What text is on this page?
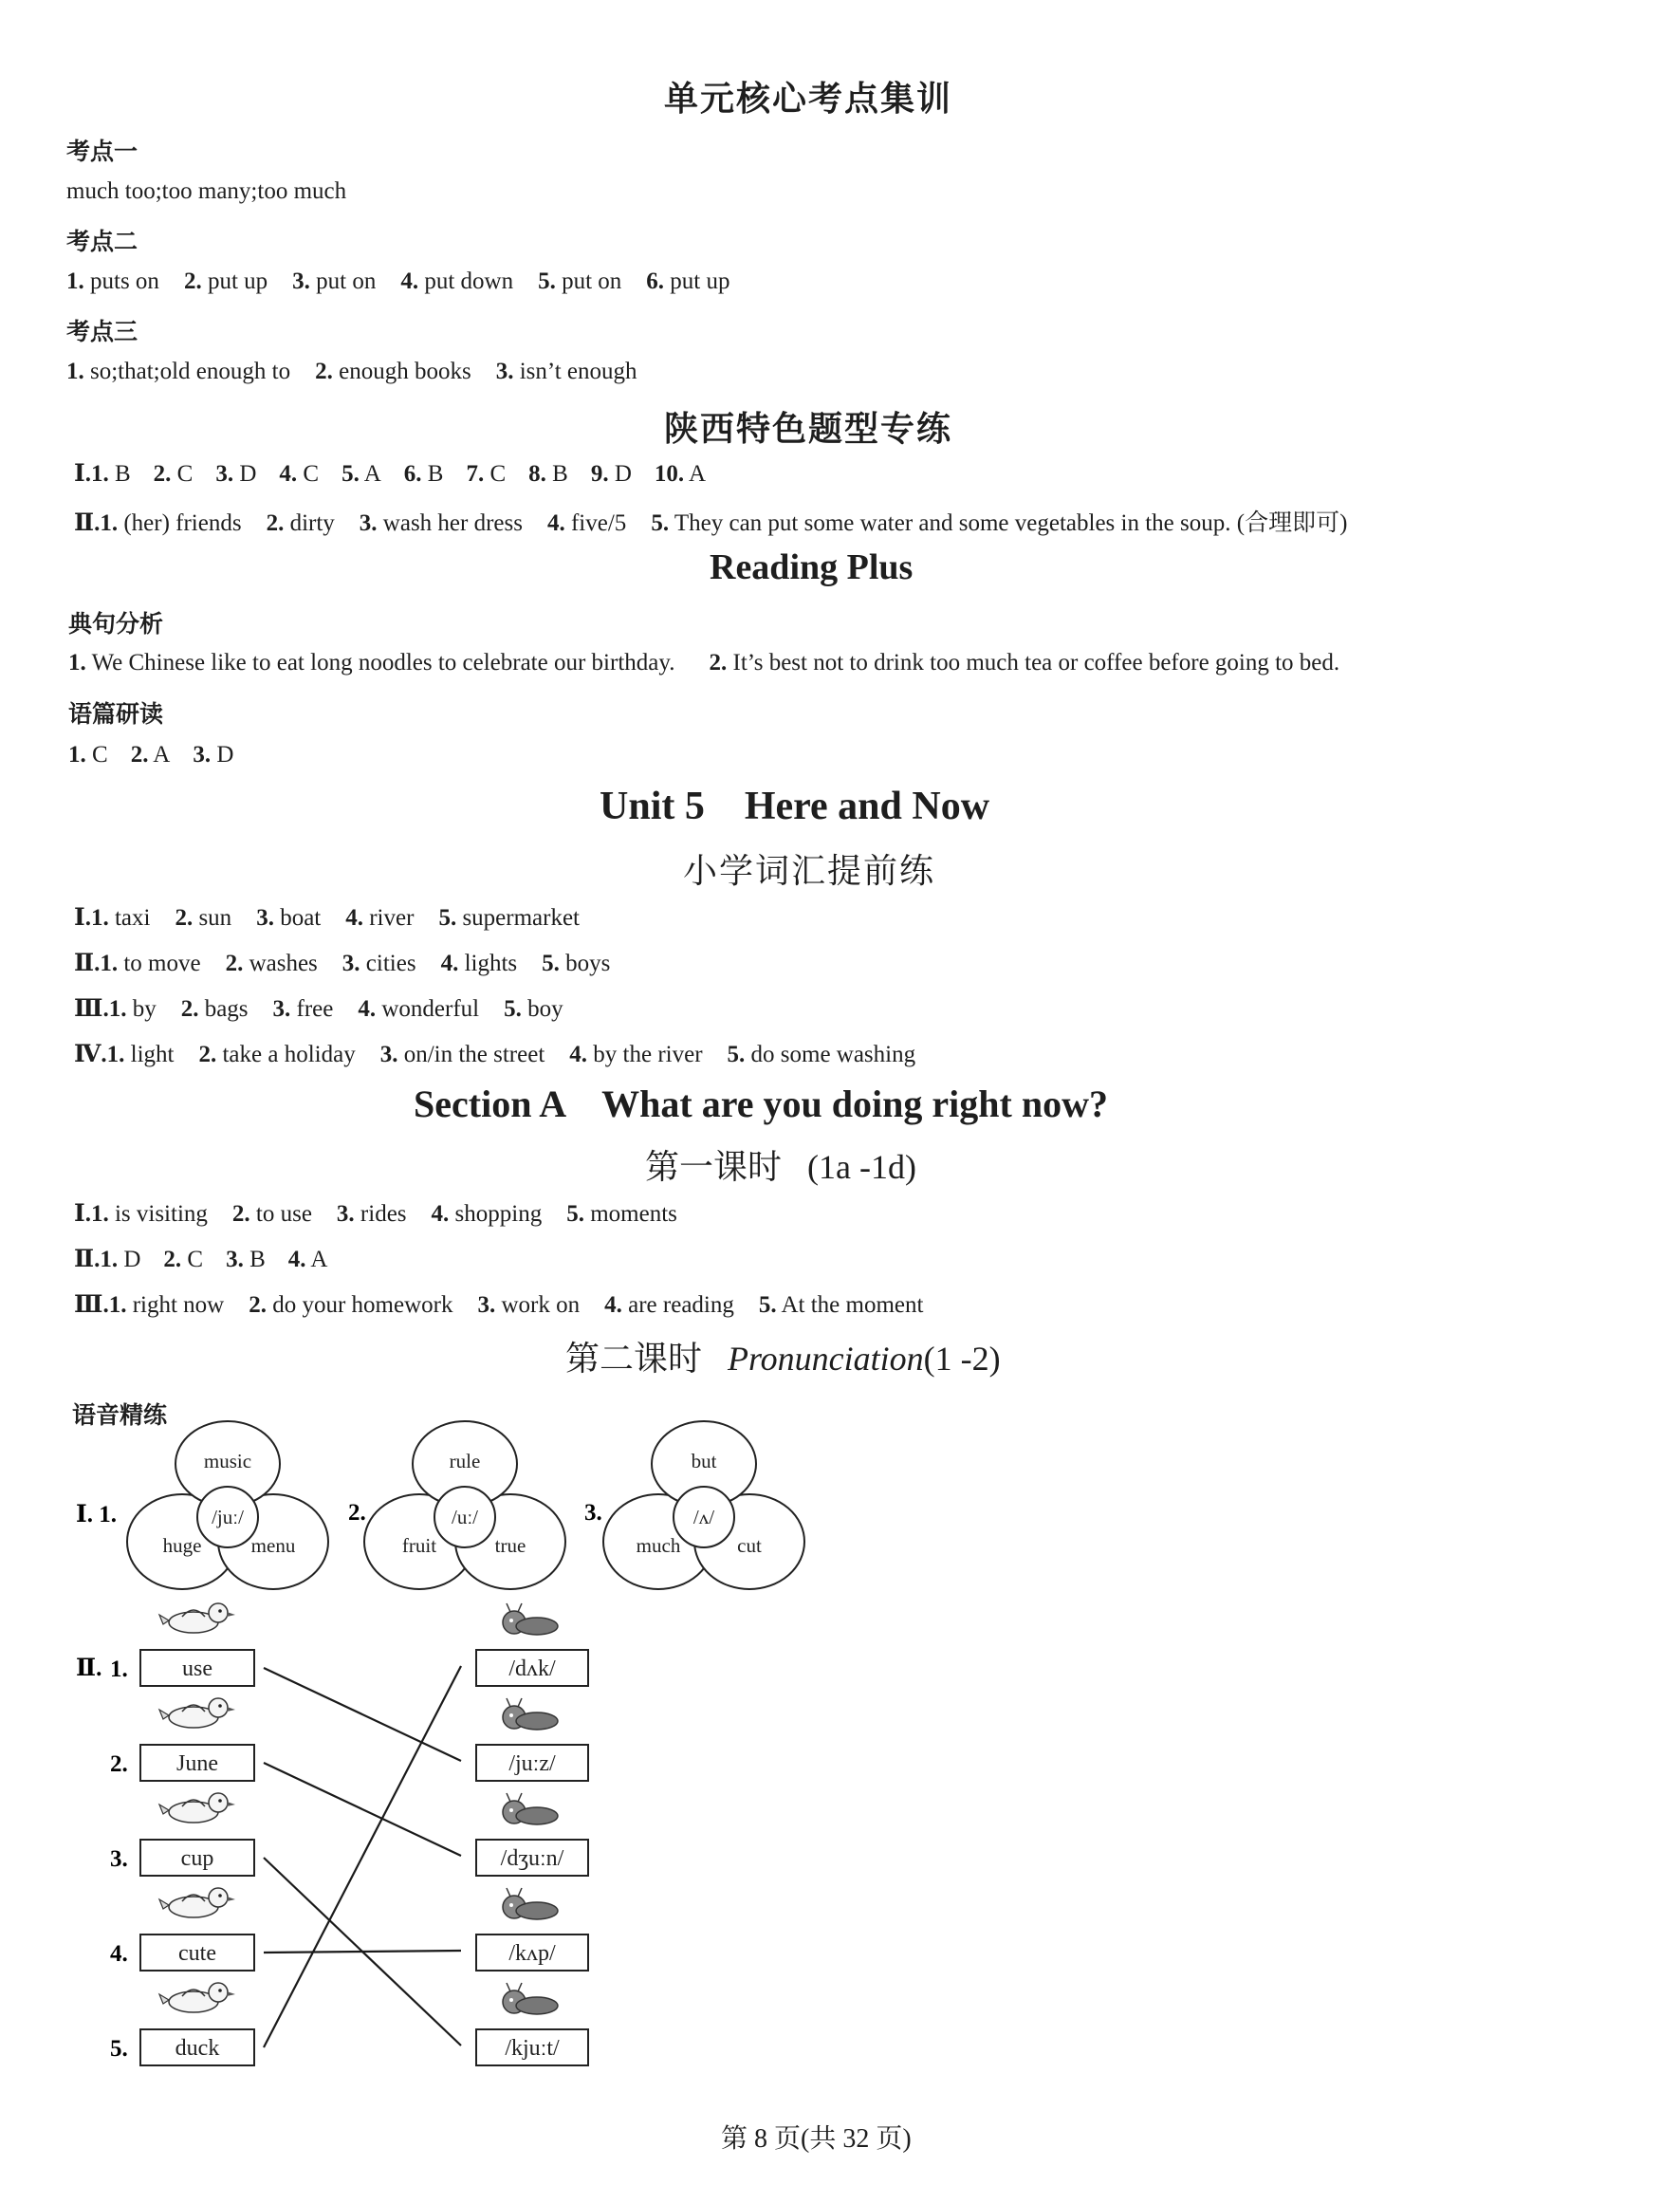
单元核心考点集训
考点一
much too;too many;too much
考点二
1. puts on 2. put up 3. put on 4. put down 5. put on 6. put up
考点三
1. so;that;old enough to 2. enough books 3. isn’t enough
陕西特色题型专练
Ⅰ.1. B 2. C 3. D 4. C 5. A 6. B 7. C 8. B 9. D 10. A
Ⅱ.1. (her) friends 2. dirty 3. wash her dress 4. five/5 5. They can put some water and some vegetables in the soup. (合理即可)
Reading Plus
典句分析
1. We Chinese like to eat long noodles to celebrate our birthday. 2. It’s best not to drink too much tea or coffee before going to bed.
语篇研读
1. C 2. A 3. D
Unit 5    Here and Now
小学词汇提前练
Ⅰ.1. taxi 2. sun 3. boat 4. river 5. supermarket
Ⅱ.1. to move 2. washes 3. cities 4. lights 5. boys
Ⅲ.1. by 2. bags 3. free 4. wonderful 5. boy
Ⅳ.1. light 2. take a holiday 3. on/in the street 4. by the river 5. do some washing
Section A    What are you doing right now?
第一课时 (1a -1d)
Ⅰ.1. is visiting 2. to use 3. rides 4. shopping 5. moments
Ⅱ.1. D 2. C 3. B 4. A
Ⅲ.1. right now 2. do your homework 3. work on 4. are reading 5. At the moment
第二课时 Pronunciation(1 -2)
语音精练
Ⅰ. 1.
music
/juː/
huge menu
2.
rule
/uː/
fruit	true
3.
but
/ʌ/
much	cut
Ⅱ. 1. use
2. June
3. cup
4. cute
5. duck
/dʌk/
/juːz/
/dʒuːn/
/kʌp/
/kjuːt/
第 8 页(共 32 页)
